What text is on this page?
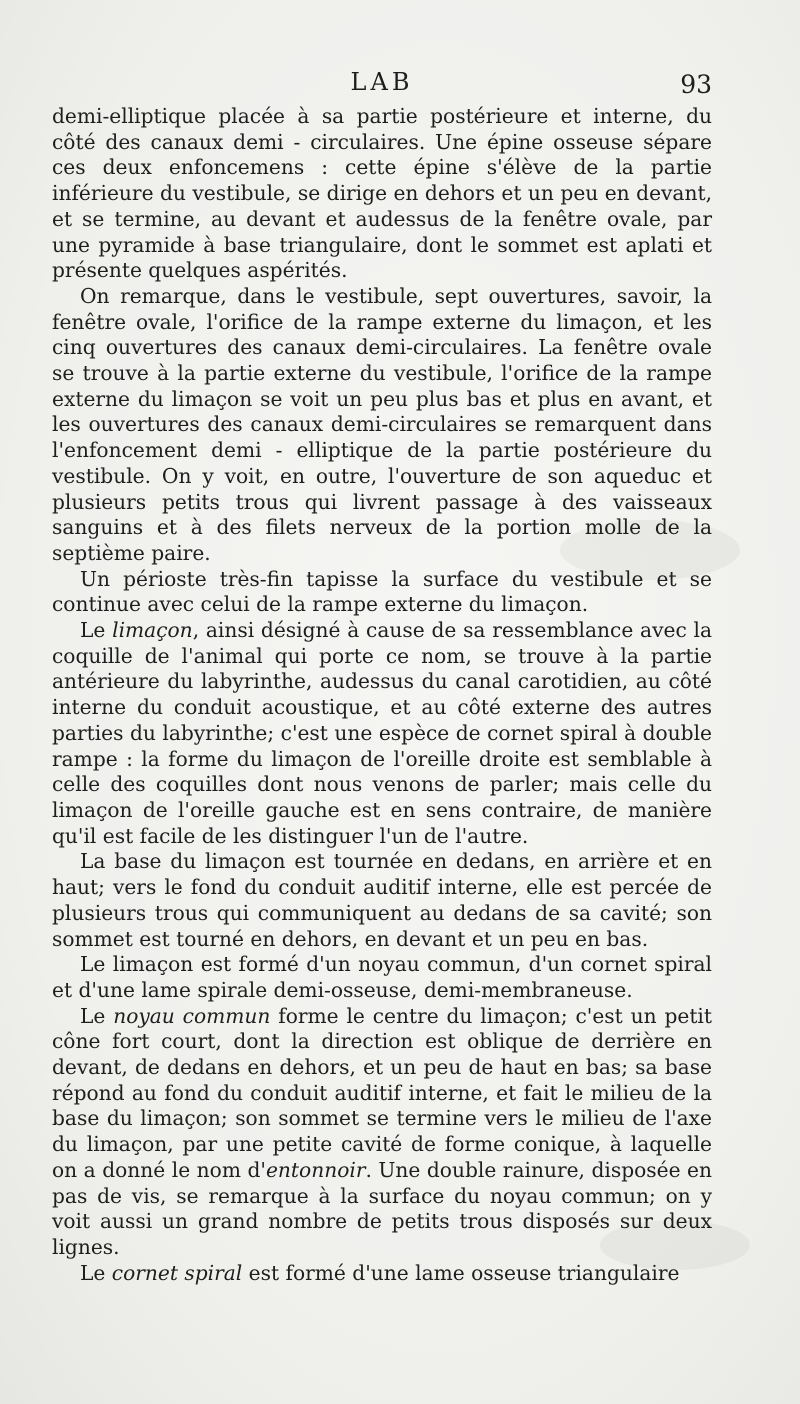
LAB	93

demi-elliptique placée à sa partie postérieure et interne, du côté des canaux demi - circulaires. Une épine osseuse sépare ces deux enfoncemens : cette épine s'élève de la partie inférieure du vestibule, se dirige en dehors et un peu en devant, et se termine, au devant et audessus de la fenêtre ovale, par une pyramide à base triangulaire, dont le sommet est aplati et présente quelques aspérités.

On remarque, dans le vestibule, sept ouvertures, savoir, la fenêtre ovale, l'orifice de la rampe externe du limaçon, et les cinq ouvertures des canaux demi-circulaires. La fenêtre ovale se trouve à la partie externe du vestibule, l'orifice de la rampe externe du limaçon se voit un peu plus bas et plus en avant, et les ouvertures des canaux demi-circulaires se remarquent dans l'enfoncement demi - elliptique de la partie postérieure du vestibule. On y voit, en outre, l'ouverture de son aqueduc et plusieurs petits trous qui livrent passage à des vaisseaux sanguins et à des filets nerveux de la portion molle de la septième paire.

Un périoste très-fin tapisse la surface du vestibule et se continue avec celui de la rampe externe du limaçon.

Le limaçon, ainsi désigné à cause de sa ressemblance avec la coquille de l'animal qui porte ce nom, se trouve à la partie antérieure du labyrinthe, audessus du canal carotidien, au côté interne du conduit acoustique, et au côté externe des autres parties du labyrinthe; c'est une espèce de cornet spiral à double rampe : la forme du limaçon de l'oreille droite est semblable à celle des coquilles dont nous venons de parler; mais celle du limaçon de l'oreille gauche est en sens contraire, de manière qu'il est facile de les distinguer l'un de l'autre.

La base du limaçon est tournée en dedans, en arrière et en haut; vers le fond du conduit auditif interne, elle est percée de plusieurs trous qui communiquent au dedans de sa cavité; son sommet est tourné en dehors, en devant et un peu en bas.

Le limaçon est formé d'un noyau commun, d'un cornet spiral et d'une lame spirale demi-osseuse, demi-membraneuse.

Le noyau commun forme le centre du limaçon; c'est un petit cône fort court, dont la direction est oblique de derrière en devant, de dedans en dehors, et un peu de haut en bas; sa base répond au fond du conduit auditif interne, et fait le milieu de la base du limaçon; son sommet se termine vers le milieu de l'axe du limaçon, par une petite cavité de forme conique, à laquelle on a donné le nom d'entonnoir. Une double rainure, disposée en pas de vis, se remarque à la surface du noyau commun; on y voit aussi un grand nombre de petits trous disposés sur deux lignes.

Le cornet spiral est formé d'une lame osseuse triangulaire
